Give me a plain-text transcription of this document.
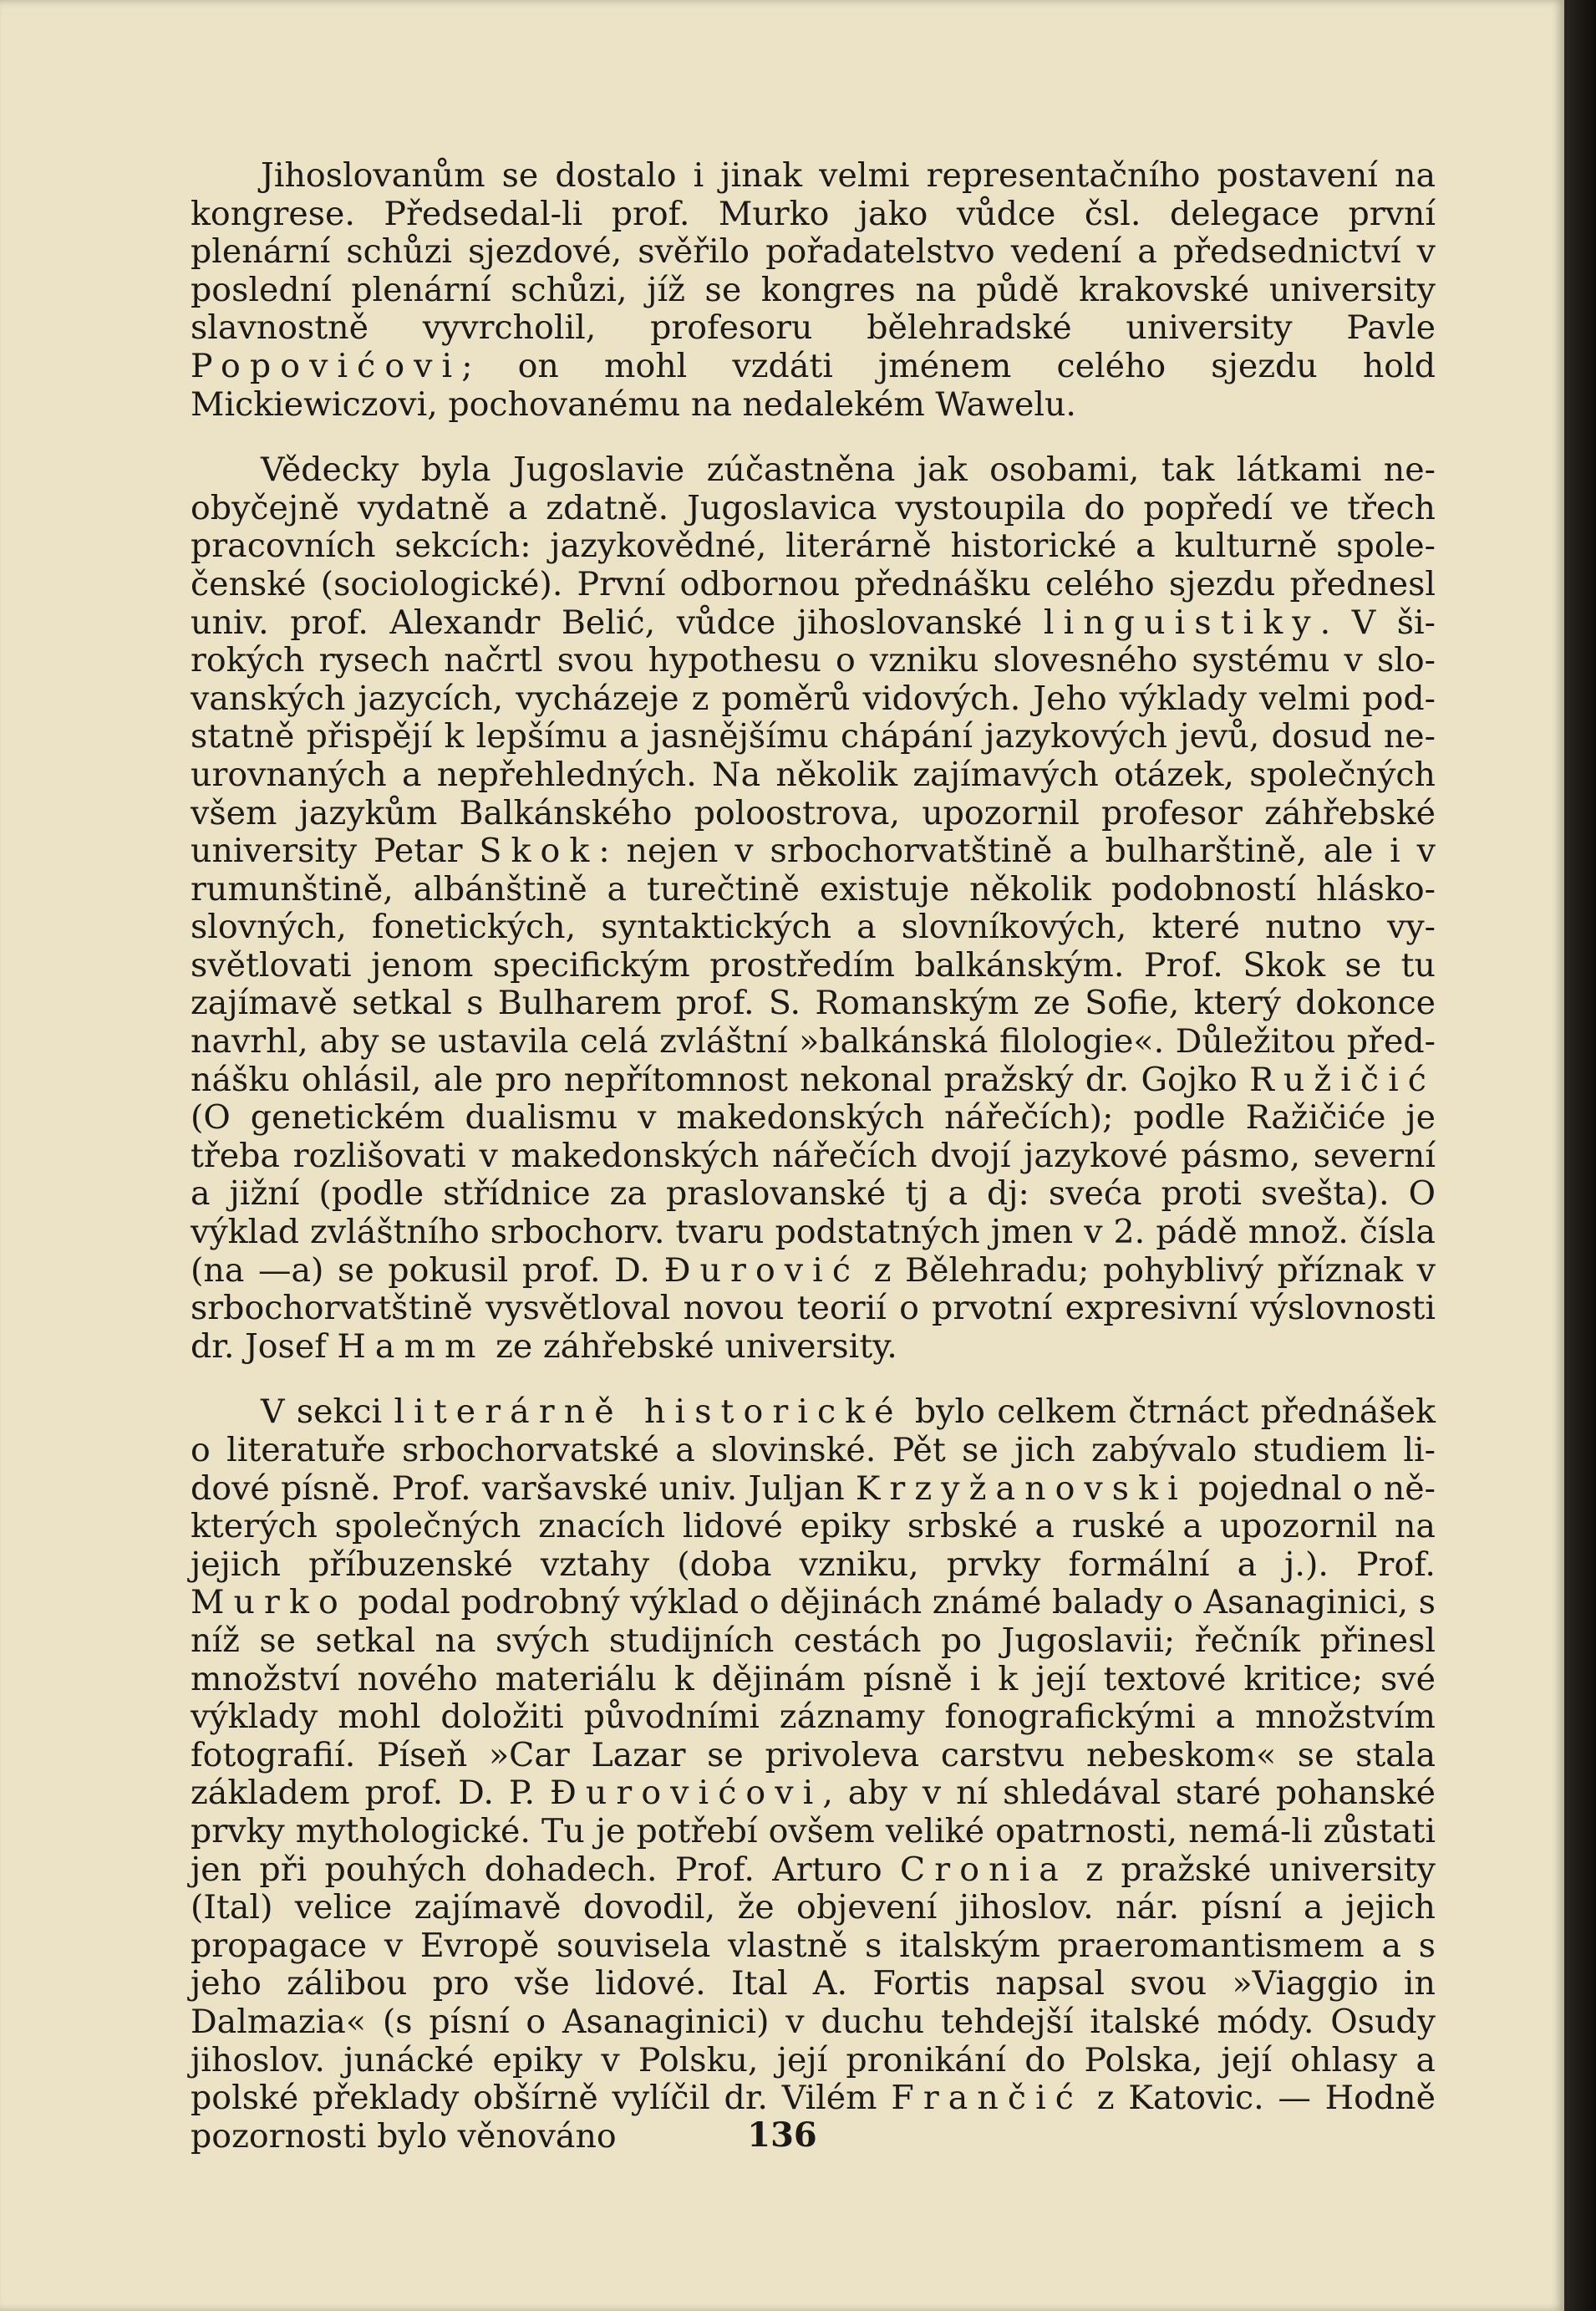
Jihoslovanům se dostalo i jinak velmi representačního postavení na kongrese. Předsedal-li prof. Murko jako vůdce čsl. delegace první plenární schůzi sjezdové, svěřilo pořadatelstvo vedení a předsednictví v poslední plenární schůzi, jíž se kongres na půdě krakovské university slavnostně vyvrcholil, profesoru bělehradské university Pavle Popovićovi; on mohl vzdáti jménem celého sjezdu hold Mickiewiczovi, pochovanému na nedalekém Wawelu.

Vědecky byla Jugoslavie zúčastněna jak osobami, tak látkami neobyčejně vydatně a zdatně. Jugoslavica vystoupila do popředí ve třech pracovních sekcích: jazykovědné, literárně historické a kulturně společenské (sociologické). První odbornou přednášku celého sjezdu přednesl univ. prof. Alexandr Belić, vůdce jihoslovanské linguistiky. V širokých rysech načrtl svou hypothesu o vzniku slovesného systému v slovanských jazycích, vycházeje z poměrů vidových. Jeho výklady velmi podstatně přispějí k lepšímu a jasnějšímu chápání jazykových jevů, dosud neurovnaných a nepřehledných. Na několik zajímavých otázek, společných všem jazykům Balkánského poloostrova, upozornil profesor záhřebské university Petar Skok: nejen v srbochorvatštině a bulharštině, ale i v rumunštině, albánštině a turečtině existuje několik podobností hláskoslovných, fonetických, syntaktických a slovníkových, které nutno vysvětlovati jenom specifickým prostředím balkánským. Prof. Skok se tu zajímavě setkal s Bulharem prof. S. Romanským ze Sofie, který dokonce navrhl, aby se ustavila celá zvláštní »balkánská filologie«. Důležitou přednášku ohlásil, ale pro nepřítomnost nekonal pražský dr. Gojko Ružičić (O genetickém dualismu v makedonských nářečích); podle Ražičiće je třeba rozlišovati v makedonských nářečích dvojí jazykové pásmo, severní a jižní (podle střídnice za praslovanské tj a dj: sveća proti svešta). O výklad zvláštního srbochorv. tvaru podstatných jmen v 2. pádě množ. čísla (na —a) se pokusil prof. D. Ðurović z Bělehradu; pohyblivý příznak v srbochorvatštině vysvětloval novou teorií o prvotní expresivní výslovnosti dr. Josef Hamm ze záhřebské university.

V sekci literárně historické bylo celkem čtrnáct přednášek o literatuře srbochorvatské a slovinské. Pět se jich zabývalo studiem lidové písně. Prof. varšavské univ. Juljan Krzyžanovski pojednal o některých společných znacích lidové epiky srbské a ruské a upozornil na jejich příbuzenské vztahy (doba vzniku, prvky formální a j.). Prof. Murko podal podrobný výklad o dějinách známé balady o Asanaginici, s níž se setkal na svých studijních cestách po Jugoslavii; řečník přinesl množství nového materiálu k dějinám písně i k její textové kritice; své výklady mohl doložiti původními záznamy fonografickými a množstvím fotografií. Píseň »Car Lazar se privoleva carstvu nebeskom« se stala základem prof. D. P. Ðurovićovi, aby v ní shledával staré pohanské prvky mythologické. Tu je potřebí ovšem veliké opatrnosti, nemá-li zůstati jen při pouhých dohadech. Prof. Arturo Cronia z pražské university (Ital) velice zajímavě dovodil, že objevení jihoslov. nár. písní a jejich propagace v Evropě souvisela vlastně s italským praeromantismem a s jeho zálibou pro vše lidové. Ital A. Fortis napsal svou »Viaggio in Dalmazia« (s písní o Asanaginici) v duchu tehdejší italské módy. Osudy jihoslov. junácké epiky v Polsku, její pronikání do Polska, její ohlasy a polské překlady obšírně vylíčil dr. Vilém Frančić z Katovic. — Hodně pozornosti bylo věnováno	136
